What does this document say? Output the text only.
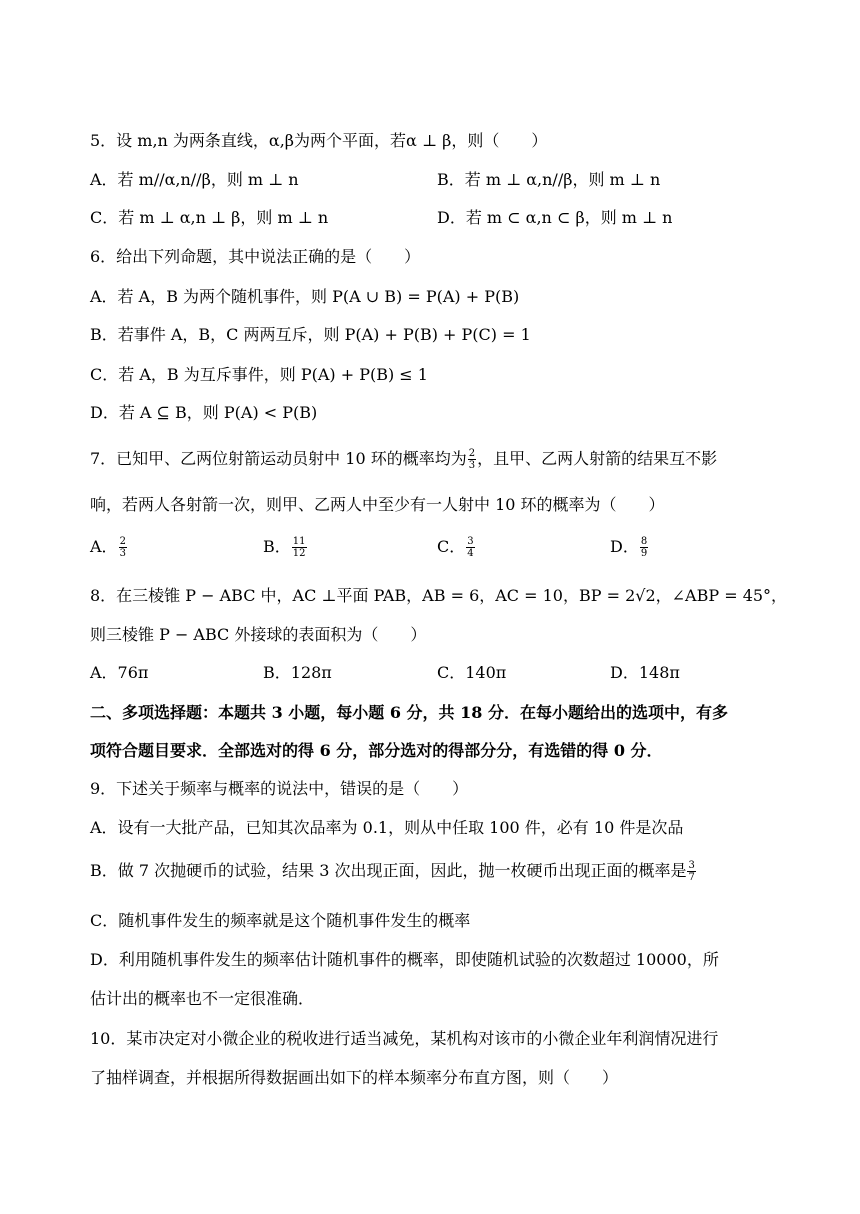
5．设 m,n 为两条直线，α,β为两个平面，若α ⊥ β，则（　　）
A．若 m//α,n//β，则 m ⊥ n	B．若 m ⊥ α,n//β，则 m ⊥ n
C．若 m ⊥ α,n ⊥ β，则 m ⊥ n	D．若 m ⊂ α,n ⊂ β，则 m ⊥ n
6．给出下列命题，其中说法正确的是（　　）
A．若 A，B 为两个随机事件，则 P(A ∪ B) = P(A) + P(B)
B．若事件 A，B，C 两两互斥，则 P(A) + P(B) + P(C) = 1
C．若 A，B 为互斥事件，则 P(A) + P(B) ≤ 1
D．若 A ⊆ B，则 P(A) < P(B)
7．已知甲、乙两位射箭运动员射中 10 环的概率均为 $\frac{2}{3}$ ，且甲、乙两人射箭的结果互不影
响，若两人各射箭一次，则甲、乙两人中至少有一人射中 10 环的概率为（　　）
A． $\frac{2}{3}$	B． $\frac{11}{12}$	C． $\frac{3}{4}$	D． $\frac{8}{9}$
8．在三棱锥 P − ABC 中，AC ⊥平面 PAB，AB = 6，AC = 10，BP = 2√2，∠ABP = 45°，
则三棱锥 P − ABC 外接球的表面积为（　　）
A．76π	B．128π	C．140π	D．148π
二、多项选择题：本题共 3 小题，每小题 6 分，共 18 分．在每小题给出的选项中，有多
项符合题目要求．全部选对的得 6 分，部分选对的得部分分，有选错的得 0 分．
9．下述关于频率与概率的说法中，错误的是（　　）
A．设有一大批产品，已知其次品率为 0.1，则从中任取 100 件，必有 10 件是次品
B．做 7 次抛硬币的试验，结果 3 次出现正面，因此，抛一枚硬币出现正面的概率是 $\frac{3}{7}$
C．随机事件发生的频率就是这个随机事件发生的概率
D．利用随机事件发生的频率估计随机事件的概率，即使随机试验的次数超过 10000，所
估计出的概率也不一定很准确．
10．某市决定对小微企业的税收进行适当减免，某机构对该市的小微企业年利润情况进行
了抽样调查，并根据所得数据画出如下的样本频率分布直方图，则（　　）
